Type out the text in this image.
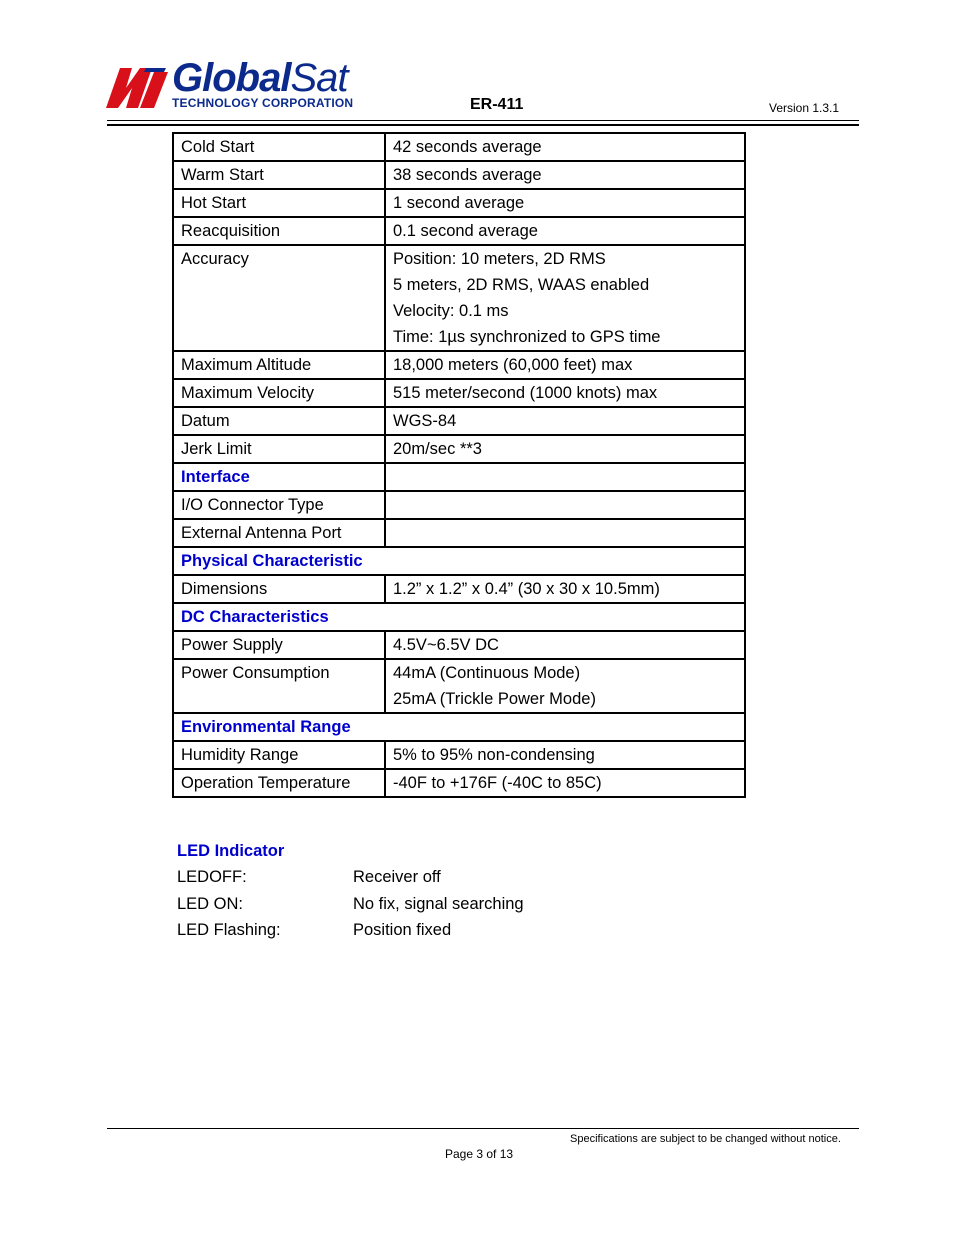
GlobalSat
TECHNOLOGY CORPORATION	ER-411	Version 1.3.1
Cold Start	42 seconds average
Warm Start	38 seconds average
Hot Start	1 second average
Reacquisition	0.1 second average
Accuracy	Position: 10 meters, 2D RMS
5 meters, 2D RMS, WAAS enabled
Velocity: 0.1 ms
Time: 1µs synchronized to GPS time

Maximum Altitude	18,000 meters (60,000 feet) max
Maximum Velocity	515 meter/second (1000 knots) max
Datum	WGS-84
Jerk Limit	20m/sec **3
Interface	
I/O Connector Type	
External Antenna Port	
Physical Characteristic	
Dimensions	1.2” x 1.2” x 0.4” (30 x 30 x 10.5mm)
DC Characteristics	
Power Supply	4.5V~6.5V DC
Power Consumption	44mA (Continuous Mode)
25mA (Trickle Power Mode)

Environmental Range	
Humidity Range	5% to 95% non-condensing
Operation Temperature	-40F to +176F (-40C to 85C)
LED Indicator
LEDOFF:	Receiver off
LED ON:	No fix, signal searching
LED Flashing:	Position fixed
Specifications are subject to be changed without notice.
Page 3 of 13
